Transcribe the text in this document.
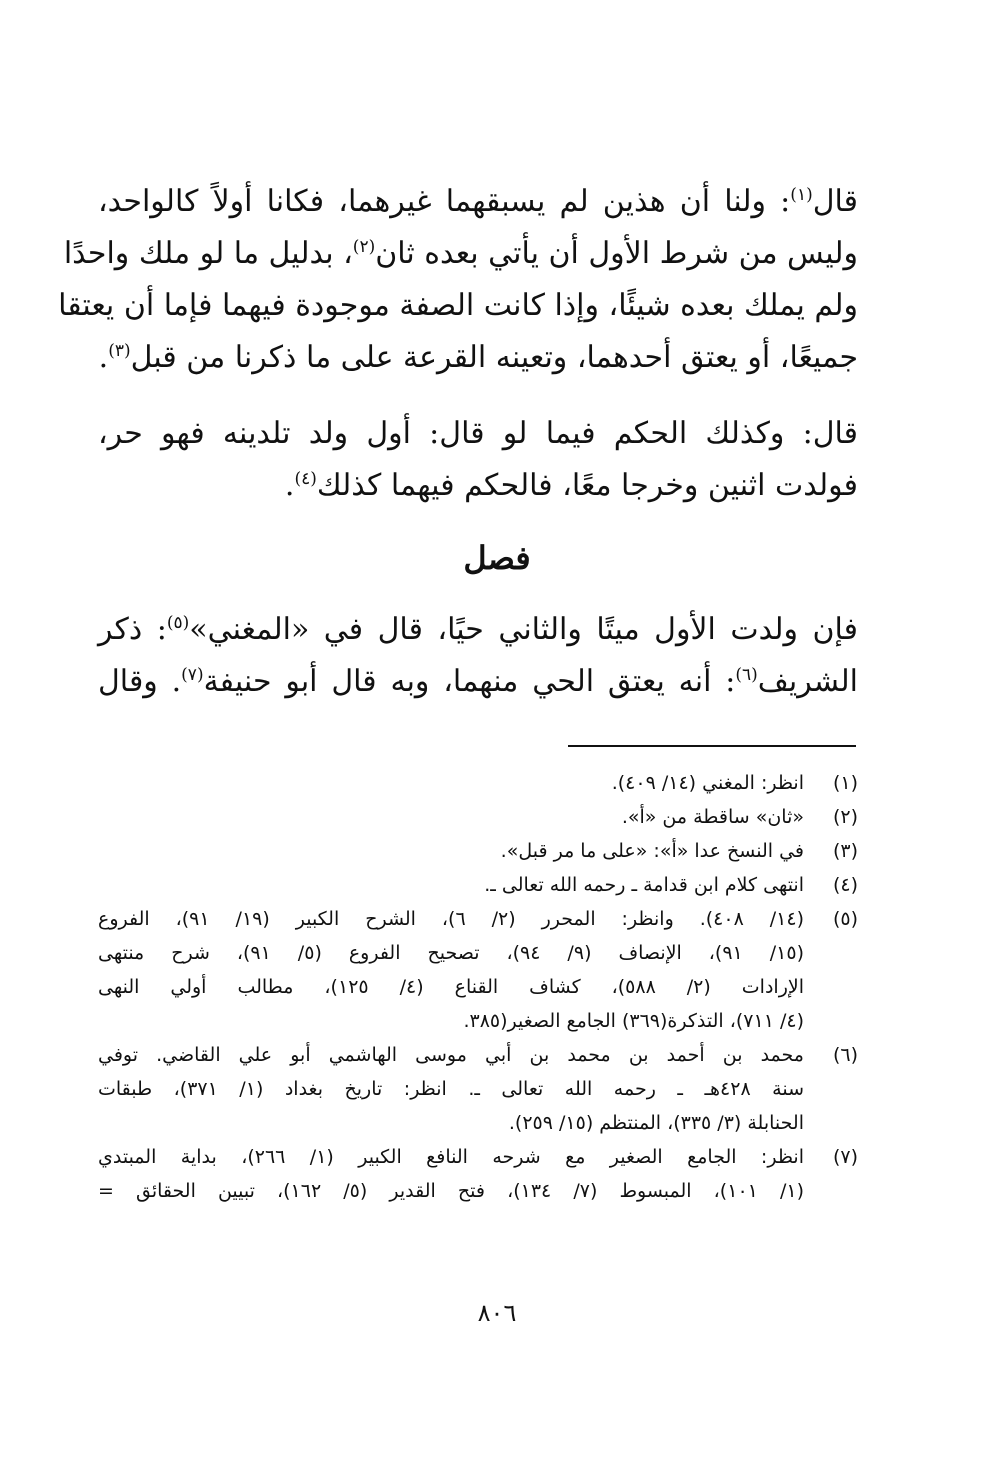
قال$^{(١)}$: ولنا أن هذين لم يسبقهما غيرهما، فكانا أولاً كالواحد،
وليس من شرط الأول أن يأتي بعده ثان$^{(٢)}$، بدليل ما لو ملك واحدًا
ولم يملك بعده شيئًا، وإذا كانت الصفة موجودة فيهما فإما أن يعتقا
جميعًا، أو يعتق أحدهما، وتعينه القرعة على ما ذكرنا من قبل$^{(٣)}$.
قال: وكذلك الحكم فيما لو قال: أول ولد تلدينه فهو حر،
فولدت اثنين وخرجا معًا، فالحكم فيهما كذلك$^{(٤)}$.
فصل
فإن ولدت الأول ميتًا والثاني حيًا، قال في «المغني»$^{(٥)}$: ذكر
الشريف$^{(٦)}$: أنه يعتق الحي منهما، وبه قال أبو حنيفة$^{(٧)}$. وقال
(١)
انظر: المغني (١٤/ ٤٠٩).
(٢)
«ثان» ساقطة من «أ».
(٣)
في النسخ عدا «أ»: «على ما مر قبل».
(٤)
انتهى كلام ابن قدامة ـ رحمه الله تعالى ـ.
(٥)
(١٤/ ٤٠٨). وانظر: المحرر (٢/ ٦)، الشرح الكبير (١٩/ ٩١)، الفروع
(١٥/ ٩١)، الإنصاف (٩/ ٩٤)، تصحيح الفروع (٥/ ٩١)، شرح منتهى
الإرادات (٢/ ٥٨٨)، كشاف القناع (٤/ ١٢٥)، مطالب أولي النهى
(٤/ ٧١١)، التذكرة(٣٦٩) الجامع الصغير(٣٨٥.
(٦)
محمد بن أحمد بن محمد بن أبي موسى الهاشمي أبو علي القاضي. توفي
سنة ٤٢٨هـ ـ رحمه الله تعالى ـ. انظر: تاريخ بغداد (١/ ٣٧١)، طبقات
الحنابلة (٣/ ٣٣٥)، المنتظم (١٥/ ٢٥٩).
(٧)
انظر: الجامع الصغير مع شرحه النافع الكبير (١/ ٢٦٦)، بداية المبتدي
(١/ ١٠١)، المبسوط (٧/ ١٣٤)، فتح القدير (٥/ ١٦٢)، تبيين الحقائق =
٨٠٦
